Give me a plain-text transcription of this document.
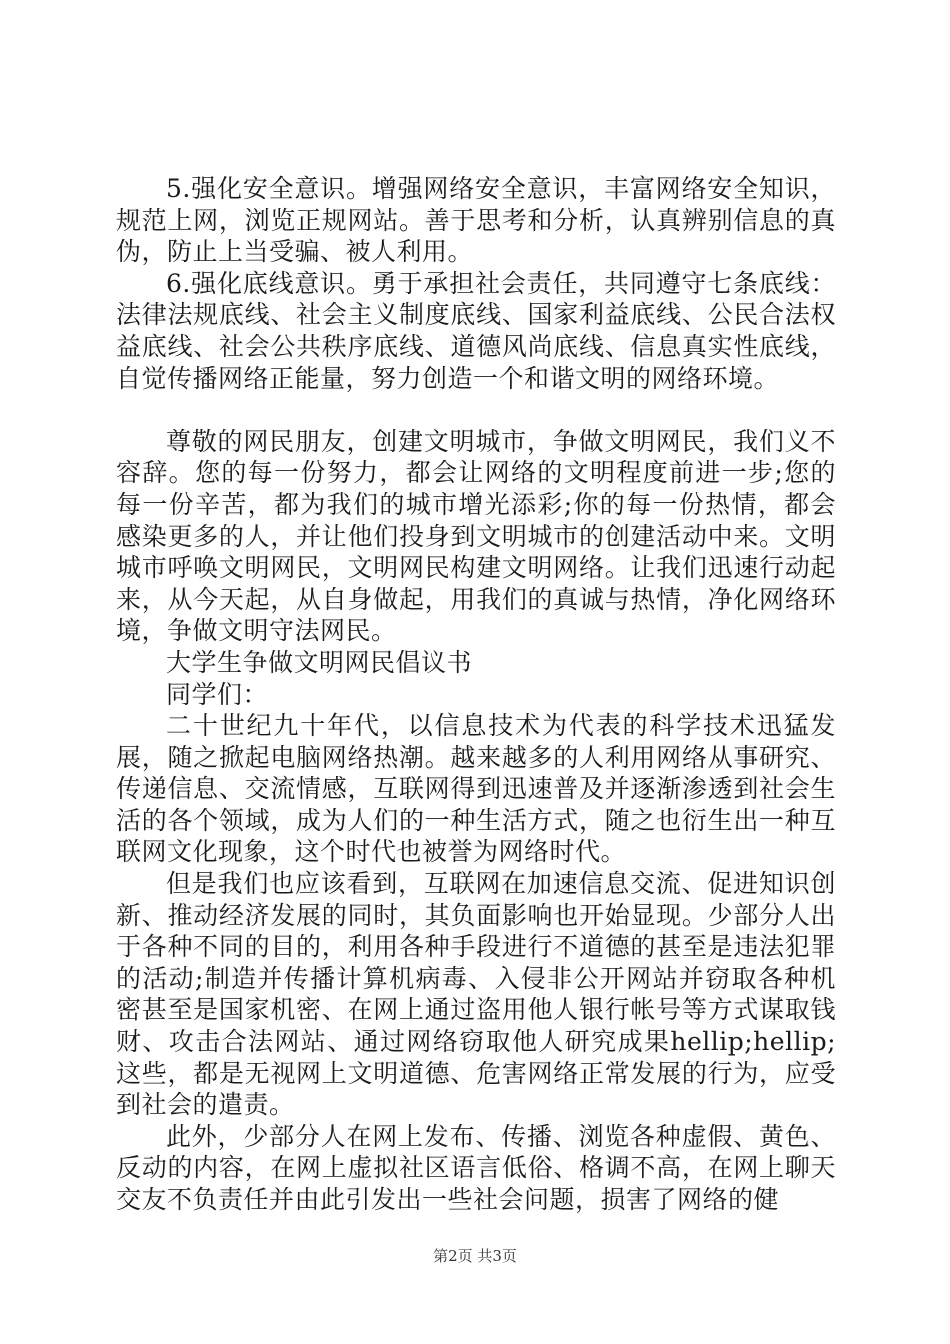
5.强化安全意识。增强网络安全意识，丰富网络安全知识，规范上网，浏览正规网站。善于思考和分析，认真辨别信息的真伪，防止上当受骗、被人利用。

6.强化底线意识。勇于承担社会责任，共同遵守七条底线：法律法规底线、社会主义制度底线、国家利益底线、公民合法权益底线、社会公共秩序底线、道德风尚底线、信息真实性底线，自觉传播网络正能量，努力创造一个和谐文明的网络环境。

尊敬的网民朋友，创建文明城市，争做文明网民，我们义不容辞。您的每一份努力，都会让网络的文明程度前进一步;您的每一份辛苦，都为我们的城市增光添彩;你的每一份热情，都会感染更多的人，并让他们投身到文明城市的创建活动中来。文明城市呼唤文明网民，文明网民构建文明网络。让我们迅速行动起来，从今天起，从自身做起，用我们的真诚与热情，净化网络环境，争做文明守法网民。

大学生争做文明网民倡议书

同学们：

二十世纪九十年代，以信息技术为代表的科学技术迅猛发展，随之掀起电脑网络热潮。越来越多的人利用网络从事研究、传递信息、交流情感，互联网得到迅速普及并逐渐渗透到社会生活的各个领域，成为人们的一种生活方式，随之也衍生出一种互联网文化现象，这个时代也被誉为网络时代。

但是我们也应该看到，互联网在加速信息交流、促进知识创新、推动经济发展的同时，其负面影响也开始显现。少部分人出于各种不同的目的，利用各种手段进行不道德的甚至是违法犯罪的活动;制造并传播计算机病毒、入侵非公开网站并窃取各种机密甚至是国家机密、在网上通过盗用他人银行帐号等方式谋取钱财、攻击合法网站、通过网络窃取他人研究成果hellip;hellip;这些，都是无视网上文明道德、危害网络正常发展的行为，应受到社会的遣责。

此外，少部分人在网上发布、传播、浏览各种虚假、黄色、反动的内容，在网上虚拟社区语言低俗、格调不高，在网上聊天交友不负责任并由此引发出一些社会问题，损害了网络的健

第2页 共3页
